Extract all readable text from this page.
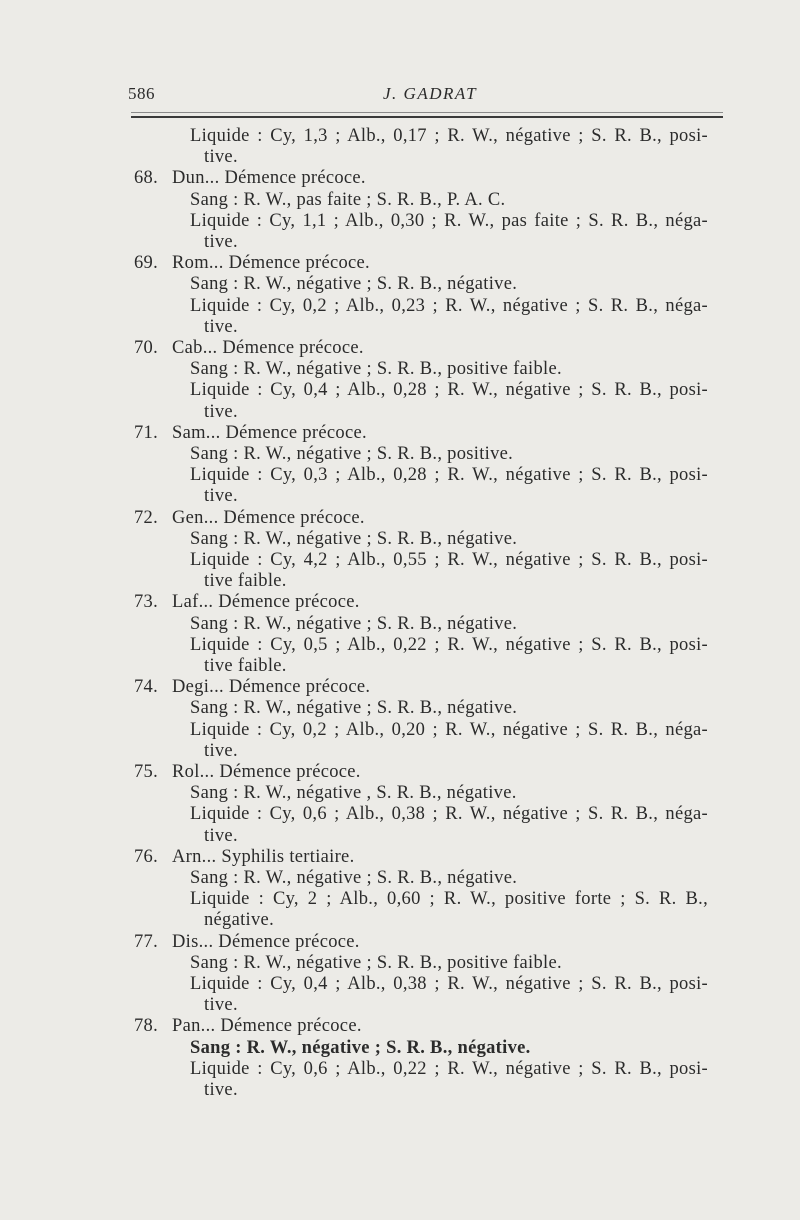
586	J. GADRAT
Liquide : Cy, 1,3 ; Alb., 0,17 ; R. W., négative ; S. R. B., posi-
tive.
68. Dun... Démence précoce.
Sang : R. W., pas faite ; S. R. B., P. A. C.
Liquide : Cy, 1,1 ; Alb., 0,30 ; R. W., pas faite ; S. R. B., néga-
tive.
69. Rom... Démence précoce.
Sang : R. W., négative ; S. R. B., négative.
Liquide : Cy, 0,2 ; Alb., 0,23 ; R. W., négative ; S. R. B., néga-
tive.
70. Cab... Démence précoce.
Sang : R. W., négative ; S. R. B., positive faible.
Liquide : Cy, 0,4 ; Alb., 0,28 ; R. W., négative ; S. R. B., posi-
tive.
71. Sam... Démence précoce.
Sang : R. W., négative ; S. R. B., positive.
Liquide : Cy, 0,3 ; Alb., 0,28 ; R. W., négative ; S. R. B., posi-
tive.
72. Gen... Démence précoce.
Sang : R. W., négative ; S. R. B., négative.
Liquide : Cy, 4,2 ; Alb., 0,55 ; R. W., négative ; S. R. B., posi-
tive faible.
73. Laf... Démence précoce.
Sang : R. W., négative ; S. R. B., négative.
Liquide : Cy, 0,5 ; Alb., 0,22 ; R. W., négative ; S. R. B., posi-
tive faible.
74. Degi... Démence précoce.
Sang : R. W., négative ; S. R. B., négative.
Liquide : Cy, 0,2 ; Alb., 0,20 ; R. W., négative ; S. R. B., néga-
tive.
75. Rol... Démence précoce.
Sang : R. W., négative , S. R. B., négative.
Liquide : Cy, 0,6 ; Alb., 0,38 ; R. W., négative ; S. R. B., néga-
tive.
76. Arn... Syphilis tertiaire.
Sang : R. W., négative ; S. R. B., négative.
Liquide : Cy, 2 ; Alb., 0,60 ; R. W., positive forte ; S. R. B.,
négative.
77. Dis... Démence précoce.
Sang : R. W., négative ; S. R. B., positive faible.
Liquide : Cy, 0,4 ; Alb., 0,38 ; R. W., négative ; S. R. B., posi-
tive.
78. Pan... Démence précoce.
Sang : R. W., négative ; S. R. B., négative.
Liquide : Cy, 0,6 ; Alb., 0,22 ; R. W., négative ; S. R. B., posi-
tive.
